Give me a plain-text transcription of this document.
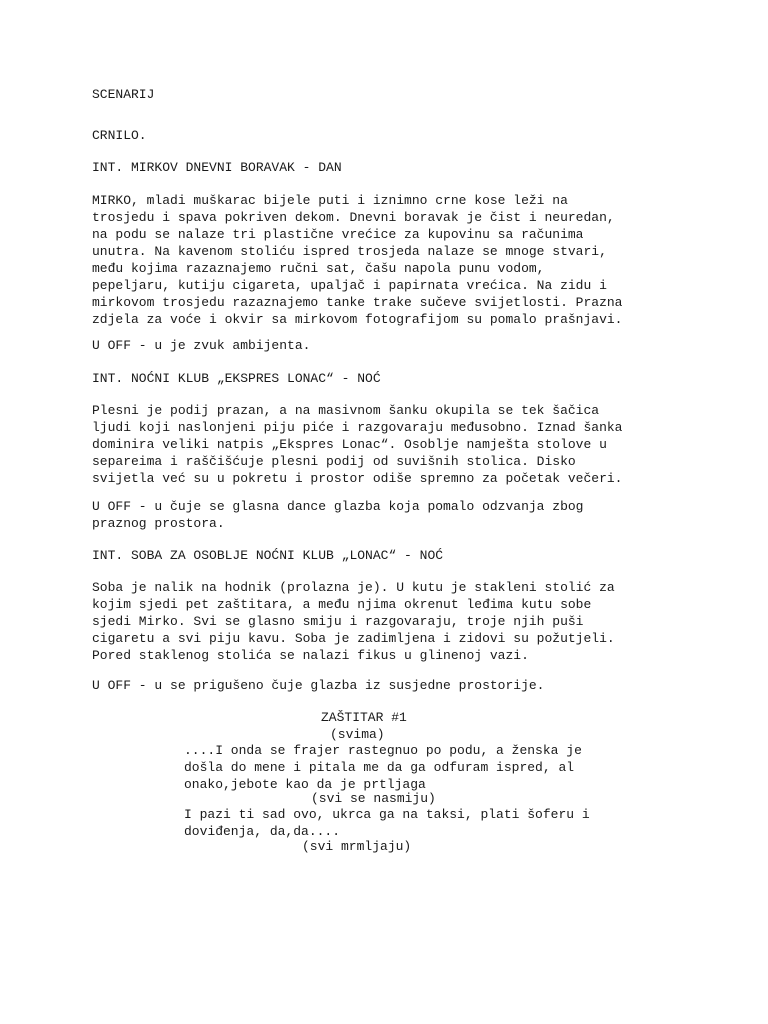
SCENARIJ

CRNILO.

INT. MIRKOV DNEVNI BORAVAK - DAN

MIRKO, mladi muškarac bijele puti i iznimno crne kose leži na
trosjedu i spava pokriven dekom. Dnevni boravak je čist i neuredan,
na podu se nalaze tri plastične vrećice za kupovinu sa računima
unutra. Na kavenom stoliću ispred trosjeda nalaze se mnoge stvari,
među kojima razaznajemo ručni sat, čašu napola punu vodom,
pepeljaru, kutiju cigareta, upaljač i papirnata vrećica. Na zidu i
mirkovom trosjedu razaznajemo tanke trake sučeve svijetlosti. Prazna
zdjela za voće i okvir sa mirkovom fotografijom su pomalo prašnjavi.

U OFF - u je zvuk ambijenta.

INT. NOĆNI KLUB „EKSPRES LONAC“ - NOĆ

Plesni je podij prazan, a na masivnom šanku okupila se tek šačica
ljudi koji naslonjeni piju piće i razgovaraju međusobno. Iznad šanka
dominira veliki natpis „Ekspres Lonac“. Osoblje namješta stolove u
separeima i raščišćuje plesni podij od suvišnih stolica. Disko
svijetla već su u pokretu i prostor odiše spremno za početak večeri.
U OFF - u čuje se glasna dance glazba koja pomalo odzvanja zbog
praznog prostora.

INT. SOBA ZA OSOBLJE NOĆNI KLUB „LONAC“ - NOĆ

Soba je nalik na hodnik (prolazna je). U kutu je stakleni stolić za
kojim sjedi pet zaštitara, a među njima okrenut leđima kutu sobe
sjedi Mirko. Svi se glasno smiju i razgovaraju, troje njih puši
cigaretu a svi piju kavu. Soba je zadimljena i zidovi su požutjeli.
Pored staklenog stolića se nalazi fikus u glinenoj vazi.

U OFF - u se prigušeno čuje glazba iz susjedne prostorije.

ZAŠTITAR #1
(svima)
....I onda se frajer rastegnuo po podu, a ženska je
došla do mene i pitala me da ga odfuram ispred, al
onako,jebote kao da je prtljaga
(svi se nasmiju)
I pazi ti sad ovo, ukrca ga na taksi, plati šoferu i
doviđenja, da,da....
(svi mrmljaju)
